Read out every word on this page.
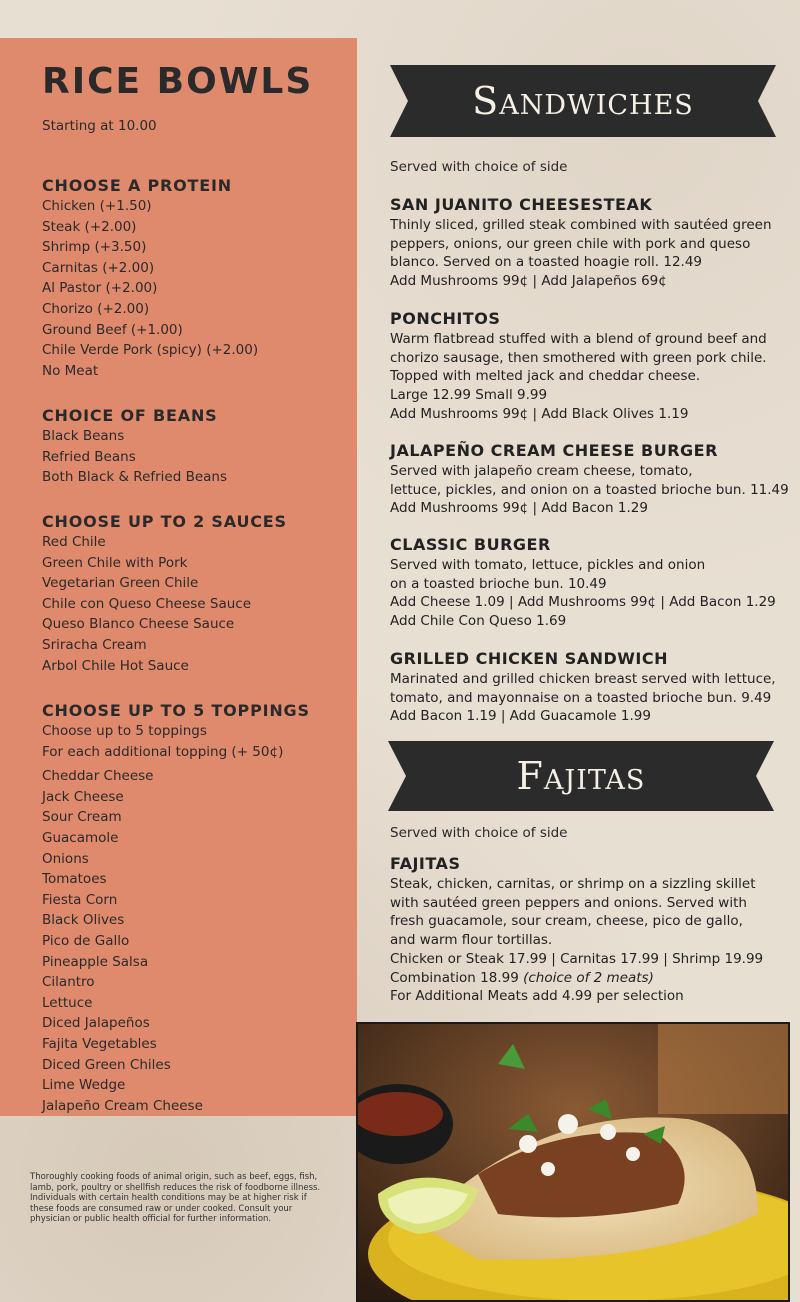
RICE BOWLS
Starting at 10.00
CHOOSE A PROTEIN
Chicken (+1.50)
Steak (+2.00)
Shrimp (+3.50)
Carnitas (+2.00)
Al Pastor (+2.00)
Chorizo (+2.00)
Ground Beef (+1.00)
Chile Verde Pork (spicy) (+2.00)
No Meat
CHOICE OF BEANS
Black Beans
Refried Beans
Both Black & Refried Beans
CHOOSE UP TO 2 SAUCES
Red Chile
Green Chile with Pork
Vegetarian Green Chile
Chile con Queso Cheese Sauce
Queso Blanco Cheese Sauce
Sriracha Cream
Arbol Chile Hot Sauce
CHOOSE UP TO 5 TOPPINGS
Choose up to 5 toppings
For each additional topping (+ 50¢)
Cheddar Cheese
Jack Cheese
Sour Cream
Guacamole
Onions
Tomatoes
Fiesta Corn
Black Olives
Pico de Gallo
Pineapple Salsa
Cilantro
Lettuce
Diced Jalapeños
Fajita Vegetables
Diced Green Chiles
Lime Wedge
Jalapeño Cream Cheese
Thoroughly cooking foods of animal origin, such as beef, eggs, fish, lamb, pork, poultry or shellfish reduces the risk of foodborne illness. Individuals with certain health conditions may be at higher risk if these foods are consumed raw or under cooked. Consult your physician or public health official for further information.
Sandwiches
Served with choice of side
SAN JUANITO CHEESESTEAK
Thinly sliced, grilled steak combined with sautéed green
peppers, onions, our green chile with pork and queso
blanco. Served on a toasted hoagie roll. 12.49
Add Mushrooms 99¢ | Add Jalapeños 69¢
PONCHITOS
Warm flatbread stuffed with a blend of ground beef and
chorizo sausage, then smothered with green pork chile.
Topped with melted jack and cheddar cheese.
Large 12.99 Small 9.99
Add Mushrooms 99¢ | Add Black Olives 1.19
JALAPEÑO CREAM CHEESE BURGER
Served with jalapeño cream cheese, tomato,
lettuce, pickles, and onion on a toasted brioche bun. 11.49
Add Mushrooms 99¢ | Add Bacon 1.29
CLASSIC BURGER
Served with tomato, lettuce, pickles and onion
on a toasted brioche bun. 10.49
Add Cheese 1.09 | Add Mushrooms 99¢ | Add Bacon 1.29
Add Chile Con Queso 1.69
GRILLED CHICKEN SANDWICH
Marinated and grilled chicken breast served with lettuce,
tomato, and mayonnaise on a toasted brioche bun. 9.49
Add Bacon 1.19 | Add Guacamole 1.99
Fajitas
Served with choice of side
FAJITAS
Steak, chicken, carnitas, or shrimp on a sizzling skillet
with sautéed green peppers and onions. Served with
fresh guacamole, sour cream, cheese, pico de gallo,
and warm flour tortillas.
Chicken or Steak 17.99 | Carnitas 17.99 | Shrimp 19.99
Combination 18.99 (choice of 2 meats)
For Additional Meats add 4.99 per selection
